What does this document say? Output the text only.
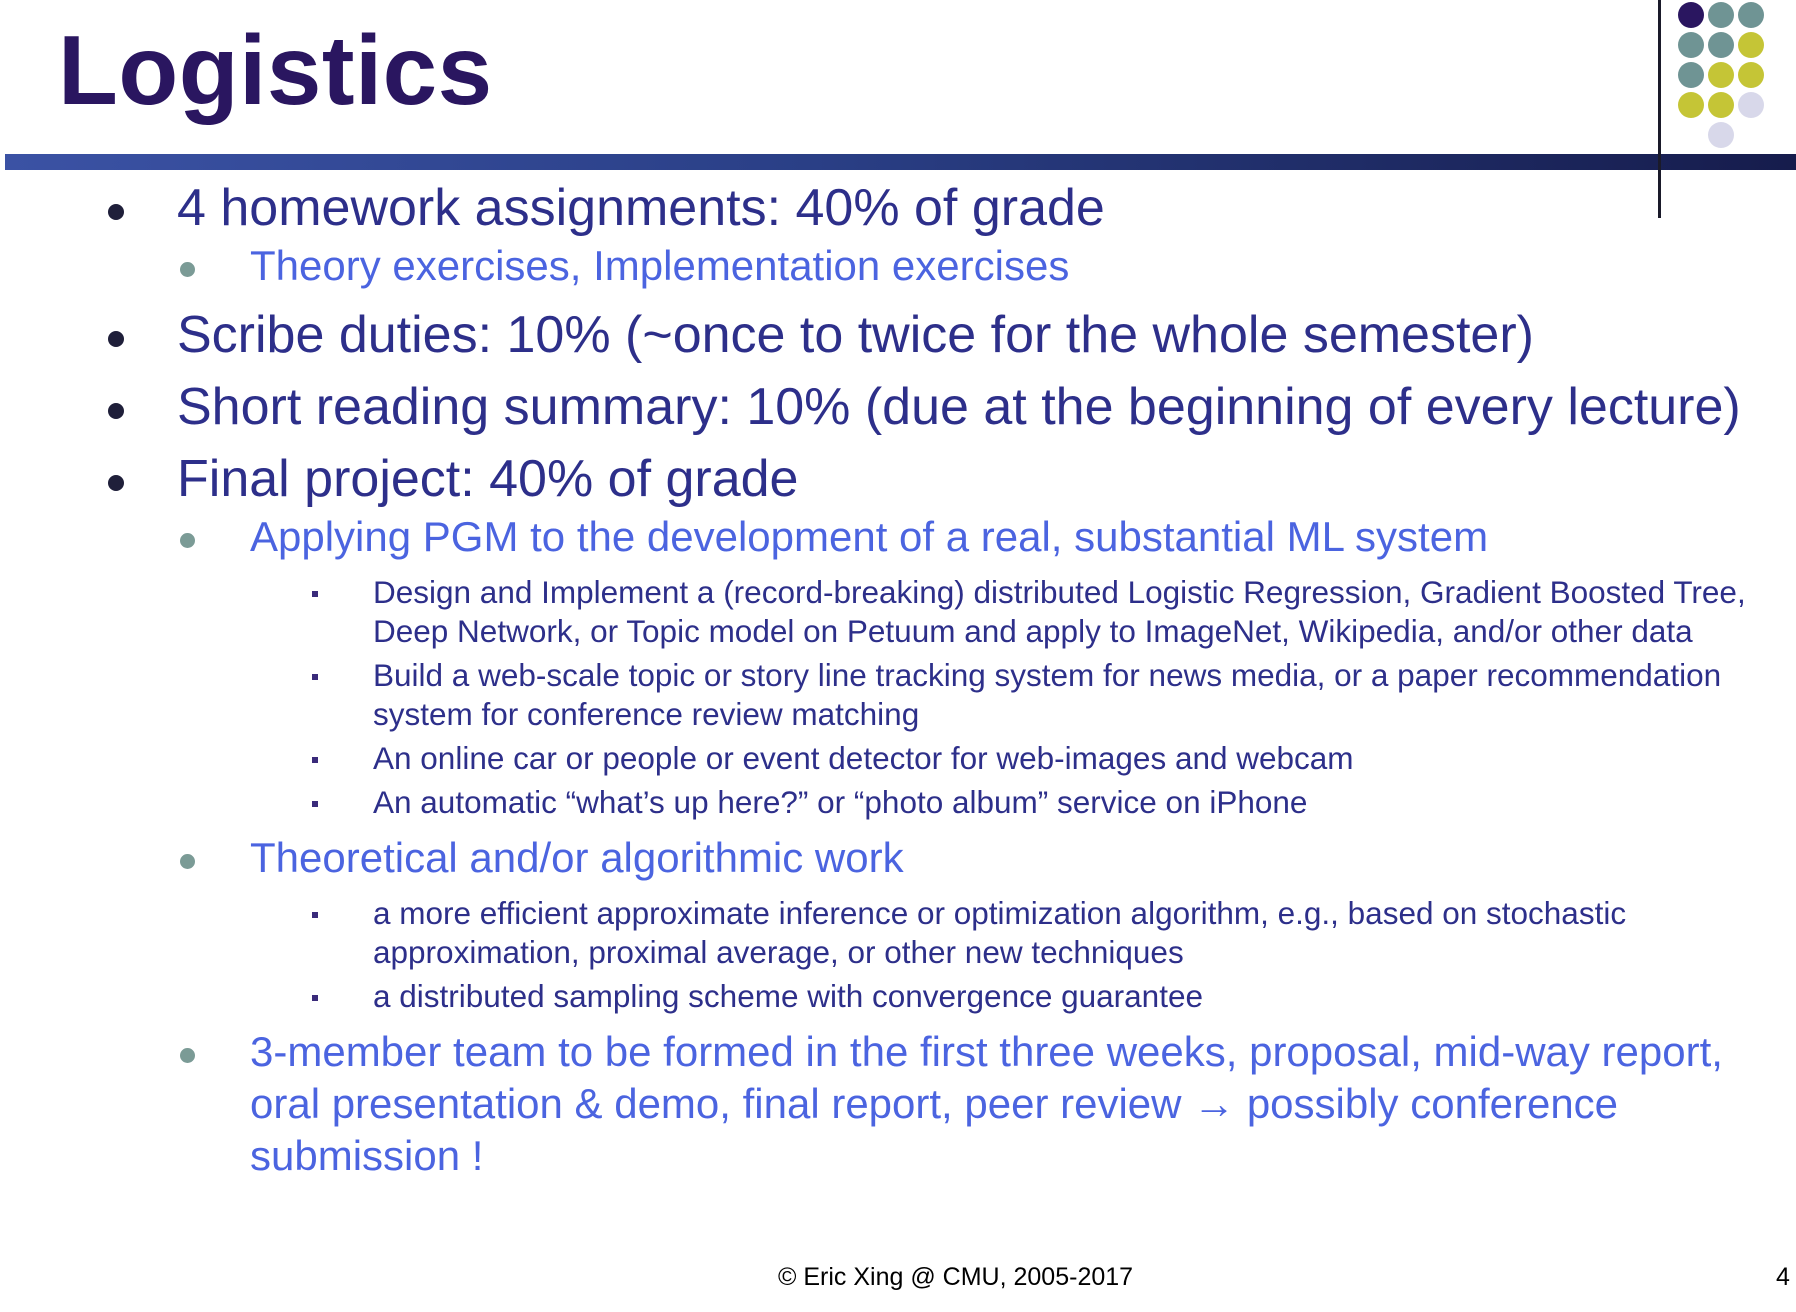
Logistics
4 homework assignments: 40% of grade
Theory exercises, Implementation exercises
Scribe duties: 10% (~once to twice for the whole semester)
Short reading summary: 10% (due at the beginning of every lecture)
Final project: 40% of grade
Applying PGM to the development of a real, substantial ML system
Design and Implement a (record-breaking) distributed Logistic Regression, Gradient Boosted Tree, Deep Network, or Topic model on Petuum and apply to ImageNet, Wikipedia, and/or other data
Build a web-scale topic or story line tracking system for news media, or a paper recommendation system for conference review matching
An online car or people or event detector for web-images and webcam
An automatic “what’s up here?” or “photo album” service on iPhone
Theoretical and/or algorithmic work
a more efficient approximate inference or optimization algorithm, e.g., based on stochastic approximation, proximal average, or other new techniques
a distributed sampling scheme with convergence guarantee
3-member team to be formed in the first three weeks, proposal, mid-way report, oral presentation & demo, final report, peer review → possibly conference submission !
© Eric Xing @ CMU, 2005-2017	4
